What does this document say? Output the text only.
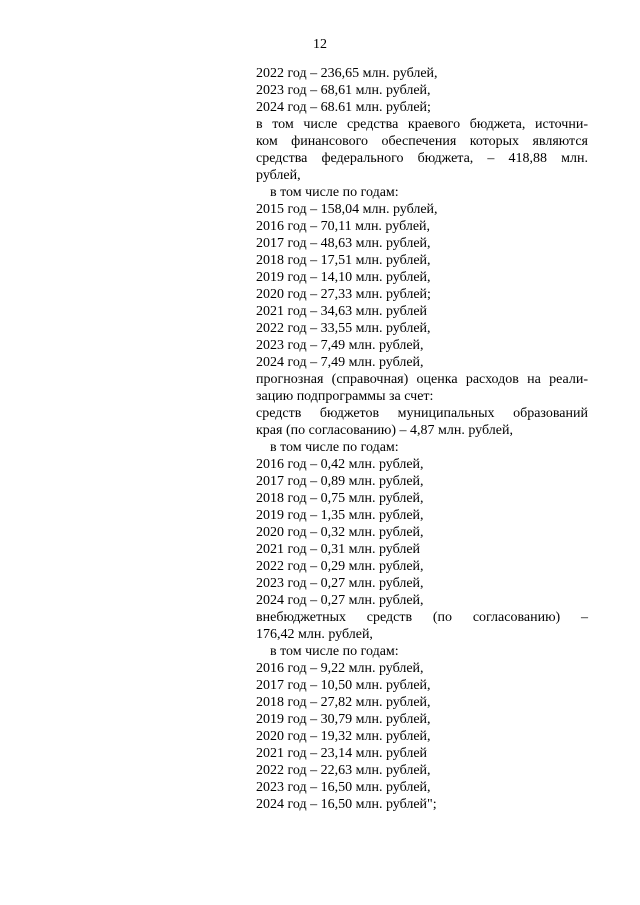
12
2022 год – 236,65 млн. рублей,
2023 год – 68,61 млн. рублей,
2024 год – 68.61 млн. рублей;
в том числе средства краевого бюджета, источни-
ком финансового обеспечения которых являются
средства федерального бюджета, – 418,88 млн.
рублей,
в том числе по годам:
2015 год – 158,04 млн. рублей,
2016 год – 70,11 млн. рублей,
2017 год – 48,63 млн. рублей,
2018 год – 17,51 млн. рублей,
2019 год – 14,10 млн. рублей,
2020 год – 27,33 млн. рублей;
2021 год – 34,63 млн. рублей
2022 год – 33,55 млн. рублей,
2023 год – 7,49 млн. рублей,
2024 год – 7,49 млн. рублей,
прогнозная (справочная) оценка расходов на реали-
зацию подпрограммы за счет:
средств бюджетов муниципальных образований
края (по согласованию) – 4,87 млн. рублей,
в том числе по годам:
2016 год – 0,42 млн. рублей,
2017 год – 0,89 млн. рублей,
2018 год – 0,75 млн. рублей,
2019 год – 1,35 млн. рублей,
2020 год – 0,32 млн. рублей,
2021 год – 0,31 млн. рублей
2022 год – 0,29 млн. рублей,
2023 год – 0,27 млн. рублей,
2024 год – 0,27 млн. рублей,
внебюджетных средств (по согласованию) –
176,42 млн. рублей,
в том числе по годам:
2016 год – 9,22 млн. рублей,
2017 год – 10,50 млн. рублей,
2018 год – 27,82 млн. рублей,
2019 год – 30,79 млн. рублей,
2020 год – 19,32 млн. рублей,
2021 год – 23,14 млн. рублей
2022 год – 22,63 млн. рублей,
2023 год – 16,50 млн. рублей,
2024 год – 16,50 млн. рублей";
